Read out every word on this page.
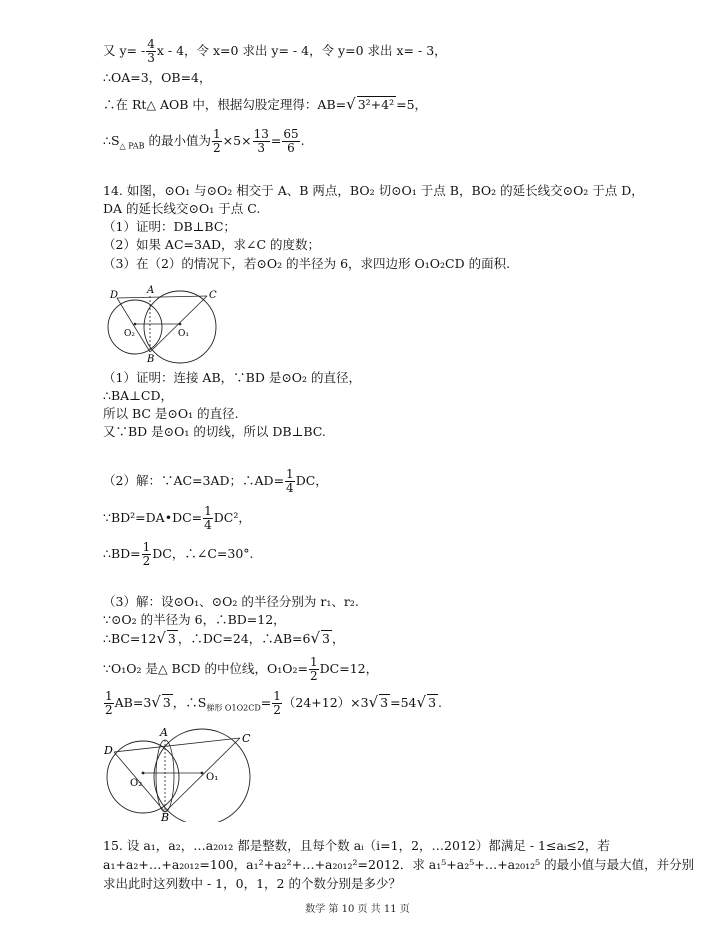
又 $y= - \frac{4}{3}$ x - 4，令 x=0 求出 y= - 4，令 y=0 求出 x= - 3，
∴OA=3，OB=4，
∴在 Rt△ AOB 中，根据勾股定理得：AB=√ 3²+4² =5，
$\therefore S_{\triangle PAB}$ 的最小值为 $\frac{1}{2} \times 5\times \frac{13}{3} = \frac{65}{6}$ .
14. 如图，⊙O₁ 与⊙O₂ 相交于 A、B 两点，BO₂ 切⊙O₁ 于点 B，BO₂ 的延长线交⊙O₂ 于点 D，
DA 的延长线交⊙O₁ 于点 C.
（1）证明：DB⊥BC；
（2）如果 AC=3AD，求∠C 的度数；
（3）在（2）的情况下，若⊙O₂ 的半径为 6，求四边形 O₁O₂CD 的面积.
D	A	C
O₂	O₁
B
（1）证明：连接 AB，∵BD 是⊙O₂ 的直径，
∴BA⊥CD，
所以 BC 是⊙O₁ 的直径.
又∵BD 是⊙O₁ 的切线，所以 DB⊥BC.
（2）解：∵AC=3AD；∴AD= $\frac{1}{4}$ DC，
∵BD²=DA•DC= $\frac{1}{4} DC^2$，
∴BD= $\frac{1}{2}$ DC，∴∠C=30°.
（3）解：设⊙O₁、⊙O₂ 的半径分别为 r₁、r₂.
∵⊙O₂ 的半径为 6，∴BD=12，
∴BC=12√ 3 ，∴DC=24，∴AB=6√ 3 ，
∵O₁O₂ 是△ BCD 的中位线，$O_1O_2= \frac{1}{2} DC=12$，
$\frac{1}{2} AB=3√$ 3 ，$\therefore S_{梯形 O1O2CD}= \frac{1}{2} (24+12)\times 3√$ 3 =54√ 3 .
D
A	C
O₂
O₁
B
15. 设 a₁，a₂，…a₂₀₁₂ 都是整数，且每个数 aᵢ（i=1，2，…2012）都满足 - 1≤aᵢ≤2，若
a₁+a₂+…+a₂₀₁₂=100，a₁²+a₂²+…+a₂₀₁₂²=2012．求 a₁⁵+a₂⁵+…+a₂₀₁₂⁵ 的最小值与最大值，并分别
求出此时这列数中 - 1，0，1，2 的个数分别是多少？
数学 第 10 页 共 11 页
